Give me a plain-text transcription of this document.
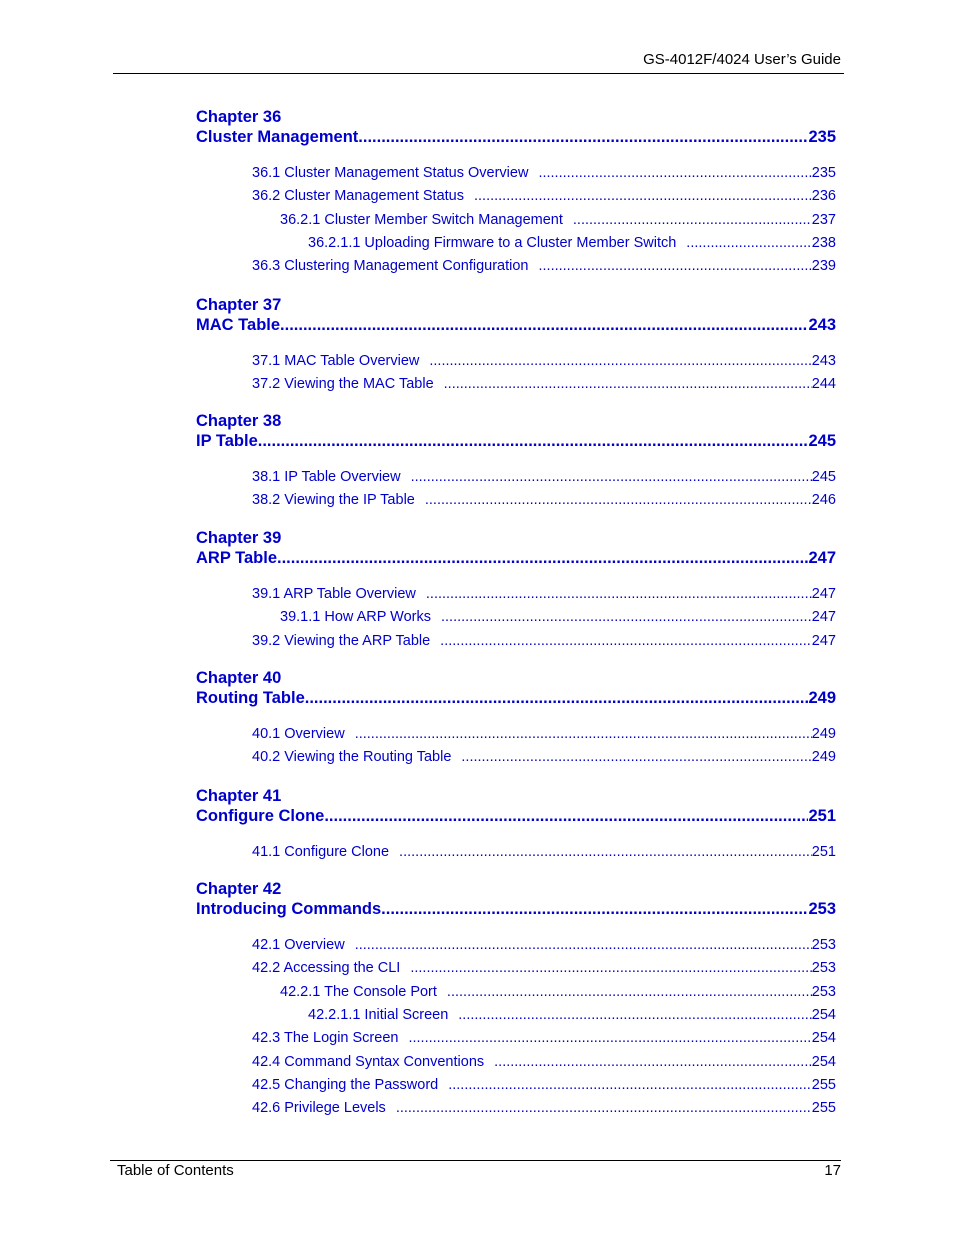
GS-4012F/4024 User’s Guide
Chapter 36
Cluster Management .....	235
36.1 Cluster Management Status Overview .....	235
36.2 Cluster Management Status .....	236
36.2.1 Cluster Member Switch Management .....	237
36.2.1.1 Uploading Firmware to a Cluster Member Switch .....	238
36.3 Clustering Management Configuration .....	239
Chapter 37
MAC Table .....	243
37.1 MAC Table Overview .....	243
37.2 Viewing the MAC Table .....	244
Chapter 38
IP Table .....	245
38.1 IP Table Overview .....	245
38.2 Viewing the IP Table .....	246
Chapter 39
ARP Table .....	247
39.1 ARP Table Overview .....	247
39.1.1 How ARP Works .....	247
39.2 Viewing the ARP Table .....	247
Chapter 40
Routing Table .....	249
40.1 Overview .....	249
40.2 Viewing the Routing Table .....	249
Chapter 41
Configure Clone .....	251
41.1 Configure Clone .....	251
Chapter 42
Introducing Commands .....	253
42.1 Overview .....	253
42.2 Accessing the CLI .....	253
42.2.1 The Console Port .....	253
42.2.1.1 Initial Screen .....	254
42.3 The Login Screen .....	254
42.4 Command Syntax Conventions .....	254
42.5 Changing the Password .....	255
42.6 Privilege Levels .....	255
Table of Contents	17
